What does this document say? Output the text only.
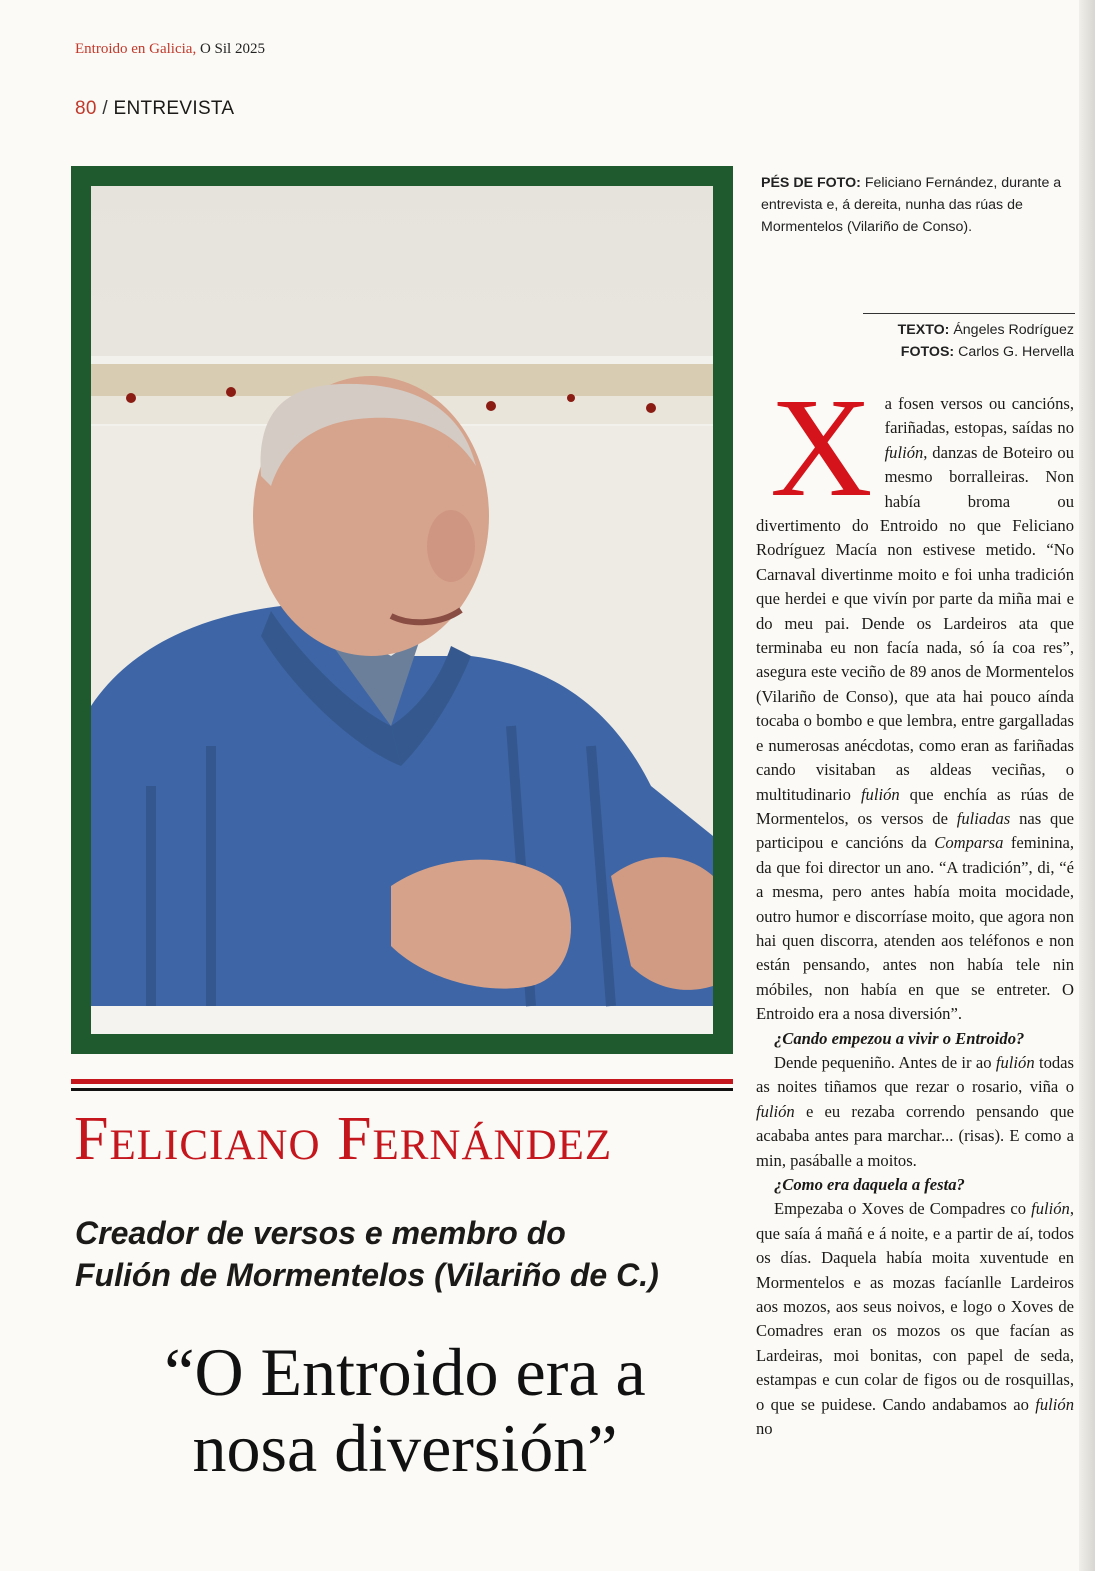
Entroido en Galicia, O Sil 2025
80 / ENTREVISTA
PÉS DE FOTO: Feliciano Fernández, durante a entrevista e, á dereita, nunha das rúas de Mormentelos (Vilariño de Conso).
TEXTO: Ángeles Rodríguez
FOTOS: Carlos G. Hervella
Feliciano Fernández
Creador de versos e membro do
Fulión de Mormentelos (Vilariño de C.)
“O Entroido era a
nosa diversión”

X a fosen versos ou cancións, fariñadas, estopas, saídas no fulión, danzas de Boteiro ou mesmo borralleiras. Non había broma ou divertimento do Entroido no que Feliciano Rodríguez Macía non estivese metido. “No Carnaval divertinme moito e foi unha tradición que herdei e que vivín por parte da miña mai e do meu pai. Dende os Lardeiros ata que terminaba eu non facía nada, só ía coa res”, asegura este veciño de 89 anos de Mormentelos (Vilariño de Conso), que ata hai pouco aínda tocaba o bombo e que lembra, entre gargalladas e numerosas anécdotas, como eran as fariñadas cando visitaban as aldeas veciñas, o multitudinario fulión que enchía as rúas de Mormentelos, os versos de fuliadas nas que participou e cancións da Comparsa feminina, da que foi director un ano. “A tradición”, di, “é a mesma, pero antes había moita mocidade, outro humor e discorríase moito, que agora non hai quen discorra, atenden aos teléfonos e non están pensando, antes non había tele nin móbiles, non había en que se entreter. O Entroido era a nosa diversión”.

¿Cando empezou a vivir o Entroido?

Dende pequeniño. Antes de ir ao fulión todas as noites tiñamos que rezar o rosario, viña o fulión e eu rezaba correndo pensando que acababa antes para marchar... (risas). E como a min, pasáballe a moitos.

¿Como era daquela a festa?

Empezaba o Xoves de Compadres co fulión, que saía á mañá e á noite, e a partir de aí, todos os días. Daquela había moita xuventude en Mormentelos e as mozas facíanlle Lardeiros aos mozos, aos seus noivos, e logo o Xoves de Comadres eran os mozos os que facían as Lardeiras, moi bonitas, con papel de seda, estampas e cun colar de figos ou de rosquillas, o que se puidese. Cando andabamos ao fulión no
